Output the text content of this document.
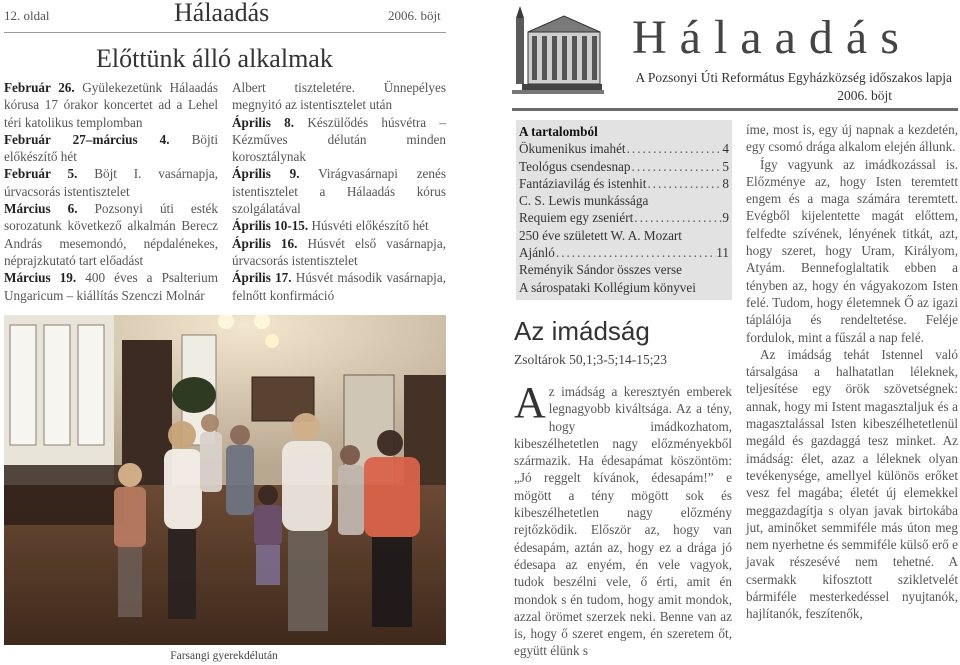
12. oldal	Hálaadás	2006. böjt
Előttünk álló alkalmak

Február 26. Gyülekezetünk Hálaadás kórusa 17 órakor koncertet ad a Lehel téri katolikus templomban

Február 27–március 4. Böjti előkészítő hét

Február 5. Böjt I. vasárnapja, úrvacsorás istentisztelet

Március 6. Pozsonyi úti esték sorozatunk következő alkalmán Berecz András mesemondó, népdalénekes, néprajzkutató tart előadást

Március 19. 400 éves a Psalterium Ungaricum – kiállítás Szenczi Molnár

Albert tiszteletére. Ünnepélyes megnyitó az istentisztelet után

Április 8. Készülődés húsvétra – Kézműves délután minden korosztálynak

Április 9. Virágvasárnapi zenés istentisztelet a Hálaadás kórus szolgálatával

Április 10-15. Húsvéti előkészítő hét

Április 16. Húsvét első vasárnapja, úrvacsorás istentisztelet

Április 17. Húsvét második vasárnapja, felnőtt konfirmáció

Farsangi gyerekdélután
Hálaadás
A Pozsonyi Úti Református Egyházközség időszakos lapja
2006. böjt
A tartalomból
Ökumenikus imahét .....	4
Teológus csendesnap .....	5
Fantáziavilág és istenhit .....	8
C. S. Lewis munkássága
Requiem egy zseniért .....	9
250 éve született W. A. Mozart
Ajánló .....	11
Reményik Sándor összes verse
A sárospataki Kollégium könyvei
Az imádság
Zsoltárok 50,1;3-5;14-15;23

Az imádság a keresztyén emberek legnagyobb kiváltsága. Az a tény, hogy imádkozhatom, kibeszélhetetlen nagy előzményekből származik. Ha édesapámat köszöntöm: „Jó reggelt kívánok, édesapám!” e mögött a tény mögött sok és kibeszélhetetlen nagy előzmény rejtőzködik. Először az, hogy van édesapám, aztán az, hogy ez a drága jó édesapa az enyém, én vele vagyok, tudok beszélni vele, ő érti, amit én mondok s én tudom, hogy amit mondok, azzal örömet szerzek neki. Benne van az is, hogy ő szeret engem, én szeretem őt, együtt élünk s

íme, most is, egy új napnak a kezdetén, egy csomó drága alkalom elején állunk.

Így vagyunk az imádkozással is. Előzménye az, hogy Isten teremtett engem és a maga számára teremtett. Evégből kijelentette magát előttem, felfedte szívének, lényének titkát, azt, hogy szeret, hogy Uram, Királyom, Atyám. Bennefoglaltatik ebben a tényben az, hogy én vágyakozom Isten felé. Tudom, hogy életemnek Ő az igazi táplálója és rendeltetése. Feléje fordulok, mint a fűszál a nap felé.

Az imádság tehát Istennel való társalgása a halhatatlan léleknek, teljesítése egy örök szövetségnek: annak, hogy mi Istent magasztaljuk és a magasztalással Isten kibeszélhetetlenül megáld és gazdaggá tesz minket. Az imádság: élet, azaz a léleknek olyan tevékenysége, amellyel különös erőket vesz fel magába; életét új elemekkel meggazdagítja s olyan javak birtokába jut, aminőket semmiféle más úton meg nem nyerhetne és semmiféle külső erő e javak részesévé nem tehetné. A csermakk kifosztott szikletvelét bármiféle mesterkedéssel nyujtanók, hajlítanók, feszítenők,
